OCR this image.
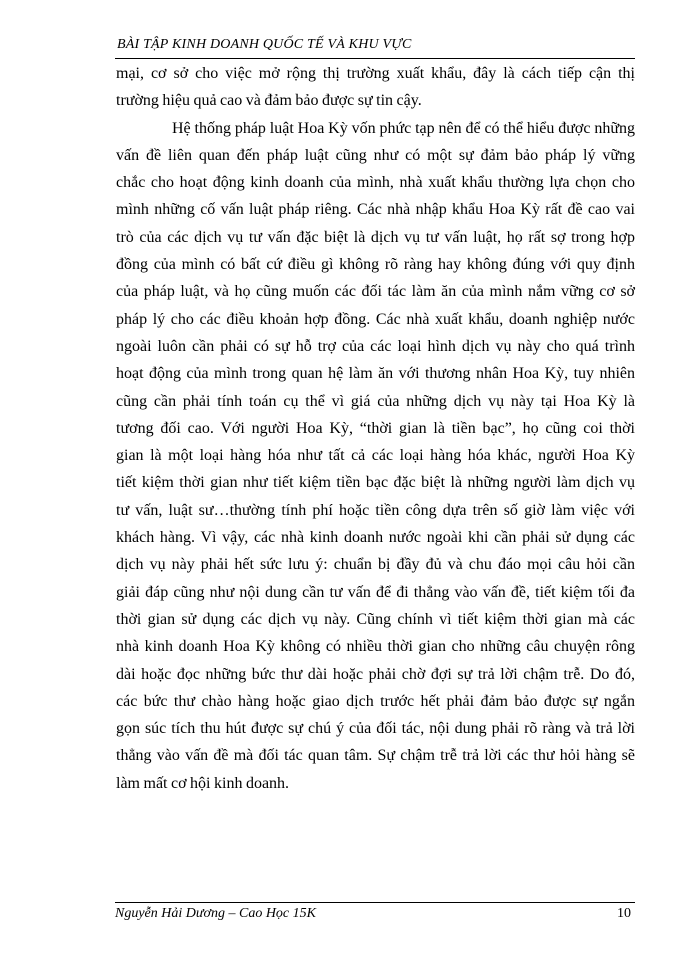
BÀI TẬP KINH DOANH QUỐC TẾ VÀ KHU VỰC
mại, cơ sở cho việc mở rộng thị trường xuất khẩu, đây là cách tiếp cận thị
trường hiệu quả cao và đảm bảo được sự tin cậy.
Hệ thống pháp luật Hoa Kỳ vốn phức tạp nên để có thể hiểu được những
vấn đề liên quan đến pháp luật cũng như có một sự đảm bảo pháp lý vững
chắc cho hoạt động kinh doanh của mình, nhà xuất khẩu thường lựa chọn cho
mình những cố vấn luật pháp riêng. Các nhà nhập khẩu Hoa Kỳ rất đề cao vai
trò của các dịch vụ tư vấn đặc biệt là dịch vụ tư vấn luật, họ rất sợ trong hợp
đồng của mình có bất cứ điều gì không rõ ràng hay không đúng với quy định
của pháp luật, và họ cũng muốn các đối tác làm ăn của mình nắm vững cơ sở
pháp lý cho các điều khoản hợp đồng. Các nhà xuất khẩu, doanh nghiệp nước
ngoài luôn cần phải có sự hỗ trợ của các loại hình dịch vụ này cho quá trình
hoạt động của mình trong quan hệ làm ăn với thương nhân Hoa Kỳ, tuy nhiên
cũng cần phải tính toán cụ thể vì giá của những dịch vụ này tại Hoa Kỳ là
tương đối cao. Với người Hoa Kỳ, “thời gian là tiền bạc”, họ cũng coi thời
gian là một loại hàng hóa như tất cả các loại hàng hóa khác, người Hoa Kỳ
tiết kiệm thời gian như tiết kiệm tiền bạc đặc biệt là những người làm dịch vụ
tư vấn, luật sư…thường tính phí hoặc tiền công dựa trên số giờ làm việc với
khách hàng. Vì vậy, các nhà kinh doanh nước ngoài khi cần phải sử dụng các
dịch vụ này phải hết sức lưu ý: chuẩn bị đầy đủ và chu đáo mọi câu hỏi cần
giải đáp cũng như nội dung cần tư vấn để đi thẳng vào vấn đề, tiết kiệm tối đa
thời gian sử dụng các dịch vụ này. Cũng chính vì tiết kiệm thời gian mà các
nhà kinh doanh Hoa Kỳ không có nhiều thời gian cho những câu chuyện rông
dài hoặc đọc những bức thư dài hoặc phải chờ đợi sự trả lời chậm trễ. Do đó,
các bức thư chào hàng hoặc giao dịch trước hết phải đảm bảo được sự ngắn
gọn súc tích thu hút được sự chú ý của đối tác, nội dung phải rõ ràng và trả lời
thẳng vào vấn đề mà đối tác quan tâm. Sự chậm trễ trả lời các thư hỏi hàng sẽ
làm mất cơ hội kinh doanh.
Nguyễn Hải Dương – Cao Học 15K	10
